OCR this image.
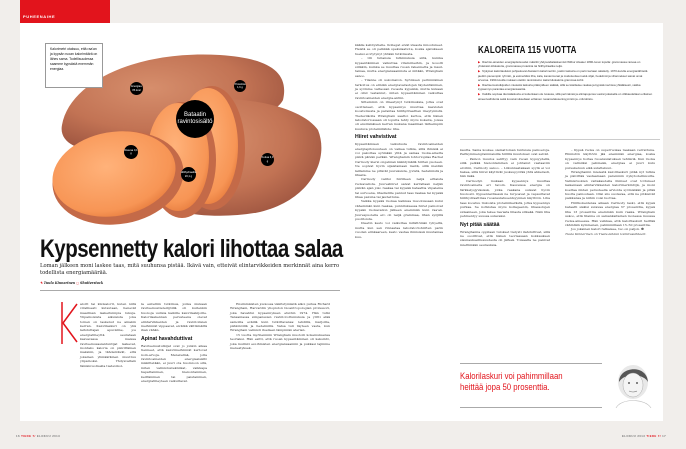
PUHEENAIHE
Kalorimetri otaksuu, että raa'an ja kypsän ruoan kalorimäärä on lähes sama. Todellisuudessa saamme kypsästä enemmän energiaa.
Energiaa 86 kcal
Proteiinia 1,6 g
Bataatin ravintosisältö
Rasvaa 0,1 g
Hiilihydraattia 20,1 g
Kuitua 3,0 g
Kypsennetty kalori lihottaa salaa
Loman jälkeen moni laskee taas, mitä suuhunsa pistää. Ikävä vain, etteivät elintarvikkeiden merkinnät aina kerro todellista energiamäärää.
✎ Tuula Kinnarinen ◻ Shutterstock

alorit tai kilokalorit, kuten niitä virallisesti kutsutaan, lienevät maailman laskeituimpia lukuja. Ylipainoisista aikuisista joka toinen on laskenut ne ainakin kerran. Kalorilaskuri on yhä laihduttajan apuväline, jos energiatiheyttä seurataan kasvavassa maissa ravitsemusasiantuntijat laskevat, montako kaloria on päivittäinen maksimi, ja tähdentävät, että jokainen ylimääräinen muuttuu ylipainoksi. Yhdysvaltain tämänvuotisella tiedevikol-

la esiteltiin tutkimus, jonka mukaan ravitsemustieteilijöillä oli kuitenkin huonoja uutisia kaikille kalorilaskijoille. Kalorilaskennan perusteena olevat elintarvikkeiden ja ravintolisien merkinnät vippaavat, eivätkä välttämättä ihan vähän.

Apinat havahduttivat

Ravitsemustutkijat ovat jo jonkin aikaa tienneet, että kalorimerkinnät kertovat noin-arvoja. Menetelmä, jolla ravintoaineiden energiasisältö määritetään, ei juuri ota huomioon sitä, miten valmistustekniikat, vaikkapa hapattaminen, hienontaminen, keittäminen tai paistaminen, energiatiheyteen vaikuttavat.

Ensimmäisten joukossa vääristymästä alkoi puhua Richard Wrangham, Harvardin yliopiston bioantropologian professori, joka havahtui kypsennyksen etuihin 1974. Hän tutki Tansaniassa simpanssien ravintotottumuksia ja yritti elää samoilla eväillä kuin tutkittavansa: lehdillä, marjoilla, pähkinöillä ja hedelmillä. Vatsa tuli täyteen vasta, kun Wrangham valmisti itselleen lämpimän aterian.

15 vuotta myöhemmin Wrangham muotoili kokemuksensa teoriaksi. Hän esitti, että ruoan kypsentäminen oli keksintö, joka mullisti esi-ihmisten energiansaannin ja pukkasi lajimme menestyksek-

käälle kehitystielle. Kollegat eivät ideasta innostuneet. Heistä se oli pelkkää spekulaatiota, koska ajatukseen tueksi ei löytynyt yhtään tutkimusta.

– Oli tuhansia tutkimuksia siitä, kuinka kypsentäminen vaikuttaa vitamiineihin, ja kosolti siitäkin, kuinka se muuttaa ruoan rakennetta ja mauttamaa, mutta energiansaannista ei mitään, Wrangham sanoo.

– Tilanne oli uskomaton. Syömisen perimmäinen tarkoitus on eliniän energiavarastojen täydentäminen, ja syömme valtaosan ruoasta kypsänä, mutta kukaan ei ollut testannut, miten kypsentäminen vaikuttaa ravintoaineiden energia-antiin.

Sittemmin on ilmestynyt tutkimuksia, jotka ovat osoittaneet, että kypsennys muuttaa kasvisten koostumusta ja parantaa hiilihydraattien imeytymistä. Tiedeviikolla Wrangham saattoi kertoa, että hänen laboratoriossaan oli lopulta tehty myös kokeita, joissa oli ensimmäisen kerran mukana maailman tärkeimpiin kuuluva proteiinilähde: liha.

Hiiret vahvistivat

Kypsentämisen vaikutusta ravintoaineiden energiapitoisuuteen on vaikea tutkia, sillä ihmisiä ei voi pakottaa syömään yhtä ja samaa ruoka-ainetta päivä päivän perään. Wranghamin tohtoriopilas Rachel Carmody kiersi ongelman kääntymällä hiirten puoleen. Ne sopivat hyvin sijaistamaan meitä, sillä meidän laillamme ne pitävät juureksista, jyvistä, hedelmistä ja lihasta.

Carmody valitsi hiirilleen neljä erilaista ruokavaliota. Juureshiiret saivat kerrallaan neljän päivän ajan joko raakaa tai kypsää bataattia viipaleina tai survoena, lihadietille pannut taas raakaa tai kypsää lihaa paloina tai jauhettuna.

Vaikka kypsää ruokaa kaikissa muodoissaan kului vähemmän kuin raakaa, punnituksessa hiiret painoivat kypsän ruokavalion jälkeen enemmän kuin raa'an. Juurespuolella ero oli neljä grammaa, lihan syöjillä puolitoista.

Dieetin kesto voi vaikuttaa mitättömän lyhyeltä, mutta kun sen rinnastaa laboratoriohiirten parin vuoden elinkaareen, kesto vastaa ihmisissä muutamaa kuu-

KALOREITA 115 VUOTTA
▶ Ravinto-aineiden energiapitoisuudet määritti yhdysvaltalaiskemisti Wilbur Atwater 1890-luvun lopulla: grammassa rasvaa on yhdeksän kilokaloria, grammassa proteiinia tai hiilihydraattia neljä.
▶ Nykyiset kaloritaulukot pohjautuvat Atwaterin kalorimetriin, joskin laskuria on parin kertaan säädetty. 1970-luvulla energianlähteitä jaettiin pienempiin ryhmiin, ja esimerkiksi liha, kala, kananmunat ja maitotuotteet sekä viljat, hedelmät ja vihannekset saivat omat arvonsa. 1990-luvulla mukaan otettiin ravintokuitu: kaksi kilokaloria grammaa kohti.
▶ Ravitsemustutkijoiden mielestä laskuria pitää jälleen säätää, sillä se käsittelee raakaa ja kypsää ravintoa yhtäläisesti, vaikka kypsennys parantaa energiansaantia.
▶ Kaikille sopivaa täsmälaskuria ei kuitenkaan ole luvassa, sillä perimänsä ja elintapojensa vuoksi jokaisella on vilkkaudeltaan erilainen aineenvaihdunta sekä koostumukseltaan erilainen ruoansulatusentsyymistö ja -mikrobisto.

kautta. Sama koskee olemattoman tuntuisia painoeroja. Parikymmengrammaisilla hiirillä muutokset ovat selvät.

– Painon muutos selittyy vain ruoan kypsyydellä, sillä pelkkä hienontaminen ei johtanut vastaaviin eroihin, Carmody sanoo. – Liikunnastakaan syytä ei voi hakea, sillä hiiret käyttivät juoksupyörää yhtä ahkerasti, hän lisää.

Carmodyn mukaan kypsennys muuttaa ravintoaineita eri tavoin. Kasveissa energia on tärkkelysjyväsissä, jotka raakana sulavat hyvin huonosti. Kypsennettäessä ne turpoavat ja vapauttavat hiilihydraattinsa ruoansulatusentsyymien käyttöön. Liha taas koostuu tiukoista proteiinikerästä, jotka kypsennys purkaa. Se notkistaa myös kollageenin, lihassolujen sideaineen, joka tekee raa'asta lihasta sitkeää. Näin liha pehmentyy suussa sulavaksi.

Nyt pitää säätää

Wranghamia oppilaan tulokset tietysti ilahduttivat, sillä ne osoittivat, että hänen teoriassaan kokkauksen sisunaukselliusuudesta oli järkeä. Toisaalta ne panivat miettimään seurauksia.

– Kypsä ruoka on superruokaa raakaan verrattuna. Elimistön käyttöön jää enemmän energiaa, koska kypsennys hoitaa ruoansulatuksen tehtäviä. Kun ruoka on valmiiksi pehmeää, energiaa ei juuri kulu pureskeluun eikä sulatteluun.

Wranghamin mielestä kalorilaskuri pitää nyt tutkia ja päivittää vastaamaan paremmin nykytodellisuutta. Valmisruokien valtakaudella ihmiset ovat tottuneet laskemaan elintarvikkeiden kalorimerkintöjä, ja moni koettaa niiden perusteella arvioida syömisiään ja pitää huolta painostaan. Olisi siis suotavaa, että ne pitäisivät paikkansa ja niihin voisi luottaa.

Hiirikokeidensa aikaan Carmody laski, että kypsä bataatti sisälsi sulavaa energiaa 37 prosenttia, kypsä liha 13 prosenttia enemmän kuin raaka. Wrangham uskoo, että tilanne on samankaltainen monessa muussa ruoka-aineessa. Hän veikkaa, että kalorilaskuri heittää vähintäin kymmenen, pahimmillaan 15–50 prosenttia.

Jos jokainen kalori ratkaisee, tuo on paljon. ❶

Tuula Kinnarinen on Tiede-lehden toimitussihteeri.

Kalorilaskuri voi pahimmillaan
heittää jopa 50 prosenttia.
16 TIEDE 7/ ELOKUU 2013	ELOKUU 2013 TIEDE 7/ 17
